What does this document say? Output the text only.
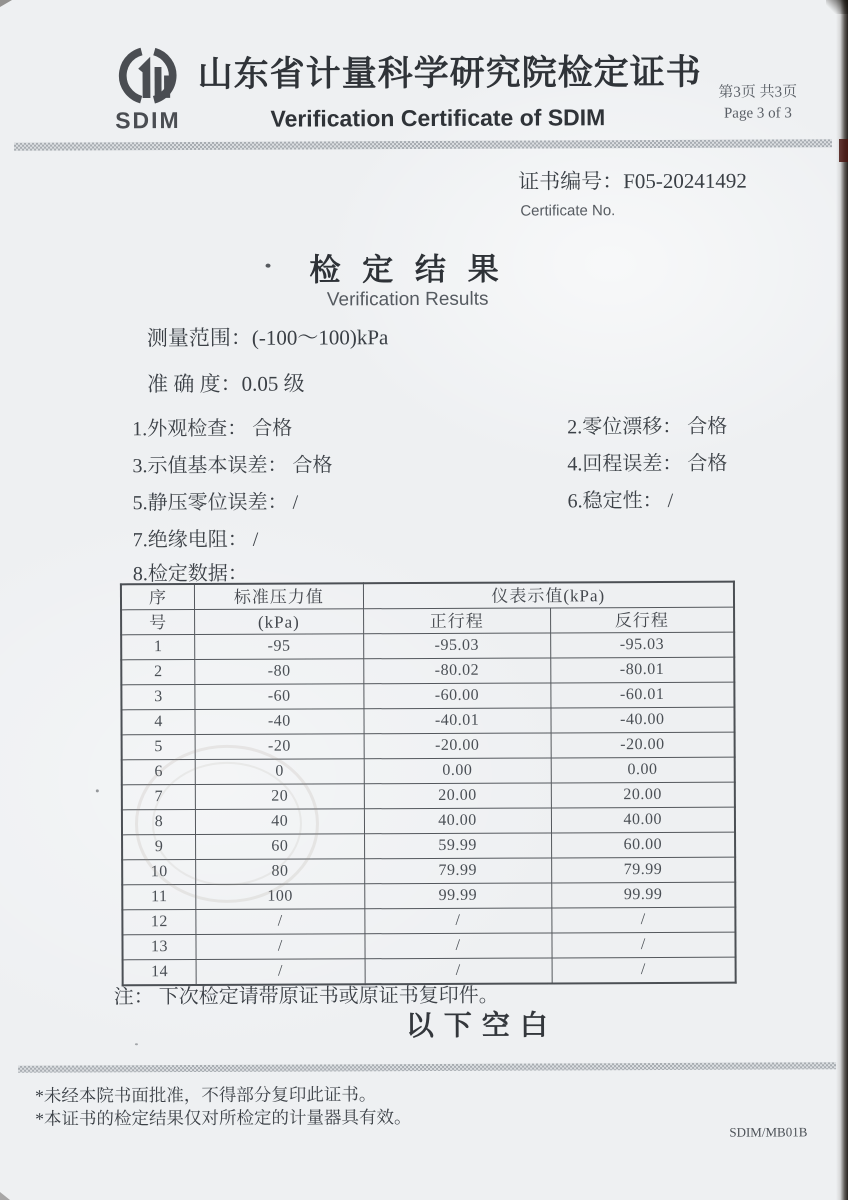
SDIM
山东省计量科学研究院检定证书
Verification Certificate of SDIM
第3页 共3页
Page 3 of 3
证书编号：F05-20241492
Certificate No.
检 定 结 果
Verification Results
测量范围：(-100～100)kPa
准 确 度：0.05 级
1.外观检查： 合格	2.零位漂移： 合格
3.示值基本误差： 合格	4.回程误差： 合格
5.静压零位误差： /	6.稳定性： /
7.绝缘电阻： /
8.检定数据：
序	标准压力值	仪表示值(kPa)	
号	(kPa)	正行程	反行程
1	-95	-95.03	-95.03
2	-80	-80.02	-80.01
3	-60	-60.00	-60.01
4	-40	-40.01	-40.00
5	-20	-20.00	-20.00
6	0	0.00	0.00
7	20	20.00	20.00
8	40	40.00	40.00
9	60	59.99	60.00
10	80	79.99	79.99
11	100	99.99	99.99
12	/	/	/
13	/	/	/
14	/	/	/
注： 下次检定请带原证书或原证书复印件。
以下空白
*未经本院书面批准，不得部分复印此证书。
*本证书的检定结果仅对所检定的计量器具有效。
SDIM/MB01B
